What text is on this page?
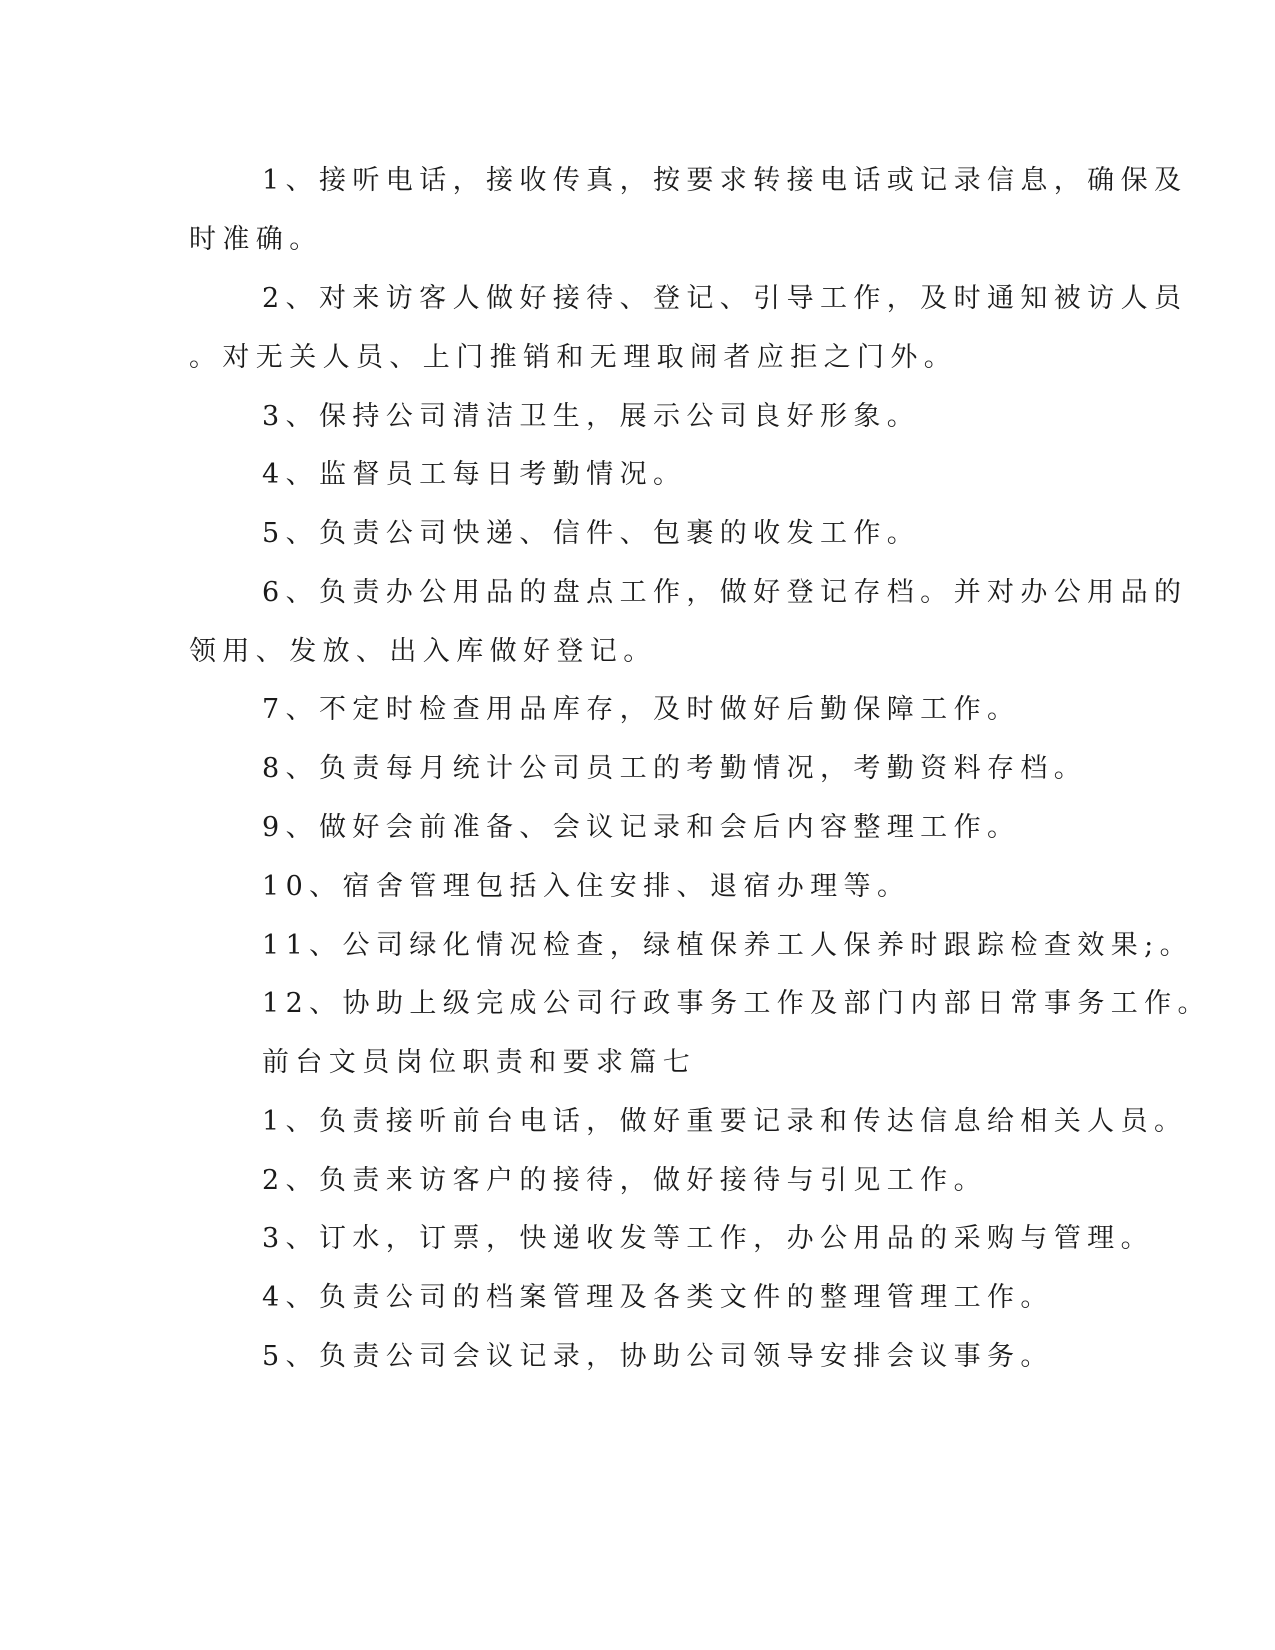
1、接听电话，接收传真，按要求转接电话或记录信息，确保及
时准确。
2、对来访客人做好接待、登记、引导工作，及时通知被访人员
。对无关人员、上门推销和无理取闹者应拒之门外。
3、保持公司清洁卫生，展示公司良好形象。
4、监督员工每日考勤情况。
5、负责公司快递、信件、包裹的收发工作。
6、负责办公用品的盘点工作，做好登记存档。并对办公用品的
领用、发放、出入库做好登记。
7、不定时检查用品库存，及时做好后勤保障工作。
8、负责每月统计公司员工的考勤情况，考勤资料存档。
9、做好会前准备、会议记录和会后内容整理工作。
10、宿舍管理包括入住安排、退宿办理等。
11、公司绿化情况检查，绿植保养工人保养时跟踪检查效果;。
12、协助上级完成公司行政事务工作及部门内部日常事务工作。
前台文员岗位职责和要求篇七
1、负责接听前台电话，做好重要记录和传达信息给相关人员。
2、负责来访客户的接待，做好接待与引见工作。
3、订水，订票，快递收发等工作，办公用品的采购与管理。
4、负责公司的档案管理及各类文件的整理管理工作。
5、负责公司会议记录，协助公司领导安排会议事务。
